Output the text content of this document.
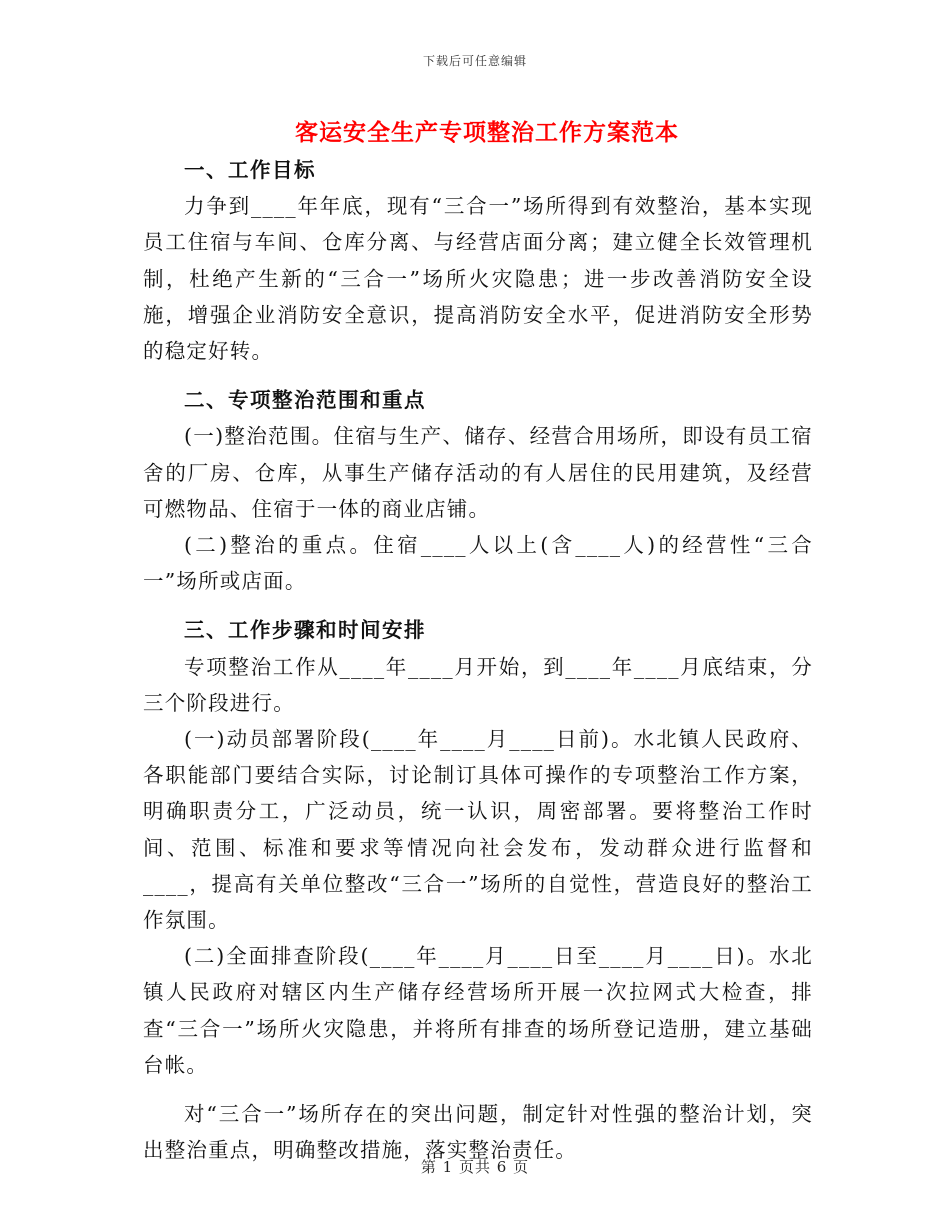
下载后可任意编辑
客运安全生产专项整治工作方案范本

一、工作目标

力争到____年年底，现有“三合一”场所得到有效整治，基本实现员工住宿与车间、仓库分离、与经营店面分离；建立健全长效管理机制，杜绝产生新的“三合一”场所火灾隐患；进一步改善消防安全设施，增强企业消防安全意识，提高消防安全水平，促进消防安全形势的稳定好转。

二、专项整治范围和重点

(一)整治范围。住宿与生产、储存、经营合用场所，即设有员工宿舍的厂房、仓库，从事生产储存活动的有人居住的民用建筑，及经营可燃物品、住宿于一体的商业店铺。

(二)整治的重点。住宿____人以上(含____人)的经营性“三合一”场所或店面。

三、工作步骤和时间安排

专项整治工作从____年____月开始，到____年____月底结束，分三个阶段进行。

(一)动员部署阶段(____年____月____日前)。水北镇人民政府、各职能部门要结合实际，讨论制订具体可操作的专项整治工作方案，明确职责分工，广泛动员，统一认识，周密部署。要将整治工作时间、范围、标准和要求等情况向社会发布，发动群众进行监督和____，提高有关单位整改“三合一”场所的自觉性，营造良好的整治工作氛围。

(二)全面排查阶段(____年____月____日至____月____日)。水北镇人民政府对辖区内生产储存经营场所开展一次拉网式大检查，排查“三合一”场所火灾隐患，并将所有排查的场所登记造册，建立基础台帐。

对“三合一”场所存在的突出问题，制定针对性强的整治计划，突出整治重点，明确整改措施，落实整治责任。

第 1 页共 6 页
